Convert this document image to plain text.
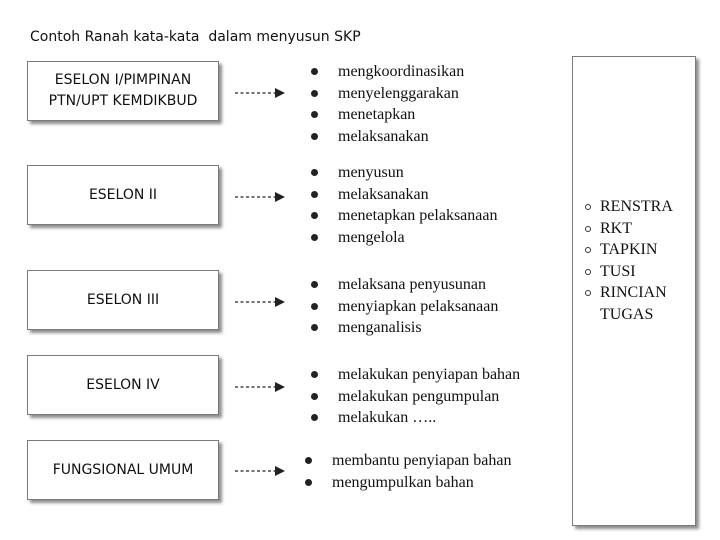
Contoh Ranah kata-kata  dalam menyusun SKP
ESELON I/PIMPINAN
PTN/UPT KEMDIKBUD
mengkoordinasikan
menyelenggarakan
menetapkan
melaksanakan
ESELON II
menyusun
melaksanakan
menetapkan pelaksanaan
mengelola
ESELON III
melaksana penyusunan
menyiapkan pelaksanaan
menganalisis
ESELON IV
melakukan penyiapan bahan
melakukan pengumpulan
melakukan …..
FUNGSIONAL UMUM
membantu penyiapan bahan
mengumpulkan bahan
RENSTRA
RKT
TAPKIN
TUSI
RINCIAN
TUGAS
